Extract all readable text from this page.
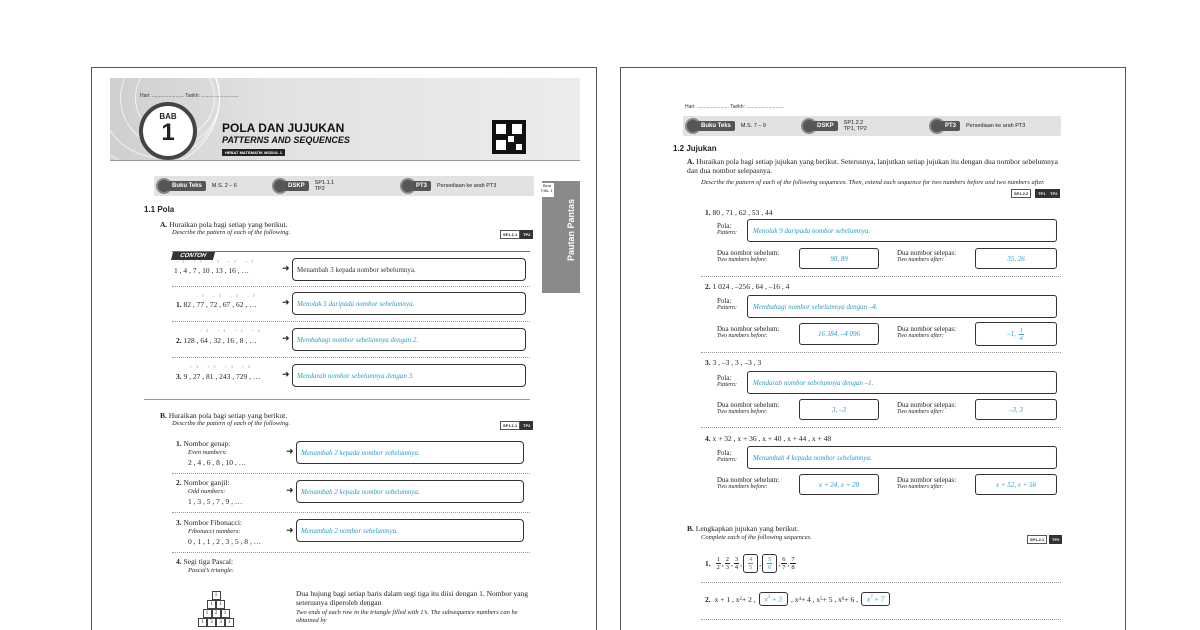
Hari: ....................... Tarikh: ...........................
BAB
1	POLA DAN JUJUKAN
PATTERNS AND SEQUENCES
HEBAT MATEMATIK MODUL 1
Buku Teks	M.S. 2 – 6	DSKP	SP1.1.1
TP2	PT3	Persediaan ke arah PT3	Bina FAIL 1
Pautan Pantas
1.1 Pola
A. Huraikan pola bagi setiap yang berikut.
Describe the pattern of each of the following.	SP1.1.1	TP2
CONTOH
+3 +3 +3 +3 +3
1 , 4 , 7 , 10 , 13 , 16 , …	➜	Menambah 3 kepada nombor sebelumnya.
–5 –5 –5 –5
1. 82 , 77 , 72 , 67 , 62 , …	➜	Menolak 5 daripada nombor sebelumnya.
÷2 ÷2 ÷2 ÷2
2. 128 , 64 , 32 , 16 , 8 , …	➜	Membahagi nombor sebelumnya dengan 2.
×3 ×3 ×3 ×3
3. 9 , 27 , 81 , 243 , 729 , … ➜	Mendarab nombor sebelumnya dengan 3.
B. Huraikan pola bagi setiap yang berikut.
Describe the pattern of each of the following.	SP1.1.1	TP2
1. Nombor genap:
Even numbers:
2 , 4 , 6 , 8 , 10 , …
➜	Menambah 2 kepada nombor sebelumnya.
2. Nombor ganjil:
Odd numbers:
1 , 3 , 5 , 7 , 9 , …
➜	Menambah 2 kepada nombor sebelumnya.
3. Nombor Fibonacci:
Fibonacci numbers:
0 , 1 , 1 , 2 , 3 , 5 , 8 , …
➜	Menambah 2 nombor sebelumnya.
4. Segi tiga Pascal:
Pascal’s triangle:
1
1	1
1	2	1
1	3	3	1
Dua hujung bagi setiap baris dalam segi tiga itu diisi dengan 1. Nombor yang seterusnya diperoleh dengan
Two ends of each row in the triangle filled with 1’s. The subsequence numbers can be obtained by
Hari: ....................... Tarikh: ...........................
Buku Teks	M.S. 7 – 9	DSKP	SP1.2.2
TP1, TP2	PT3	Persediaan ke arah PT3
1.2 Jujukan
A. Huraikan pola bagi setiap jujukan yang berikut. Seterusnya, lanjutkan setiap jujukan itu dengan dua nombor sebelumnya dan dua nombor selepasnya.
Describe the pattern of each of the following sequences. Then, extend each sequence for two numbers before and two numbers after.
SP1.2.2	TP1	TP2
1. 80 , 71 , 62 , 53 , 44
Pola:
Pattern:	Menolak 9 daripada nombor sebelumnya.
Dua nombor sebelum:
Two numbers before:	98, 89
Dua nombor selepas:
Two numbers after:	35, 26
2. 1 024 , –256 , 64 , –16 , 4
Pola:
Pattern:	Membahagi nombor sebelumnya dengan –4.
Dua nombor sebelum:
Two numbers before:	16 384, –4 096
Dua nombor selepas:
Two numbers after:	–1,
$\frac{1}{4}$
3. 3 , –3 , 3 , –3 , 3
Pola:
Pattern:	Mendarab nombor sebelumnya dengan –1.
Dua nombor sebelum:
Two numbers before:	3, –3
Dua nombor selepas:
Two numbers after:	–3, 3
4. x + 32 , x + 36 , x + 40 , x + 44 , x + 48
Pola:
Pattern:	Menambah 4 kepada nombor sebelumnya.
Dua nombor sebelum:
Two numbers before:	x + 24, x + 28
Dua nombor selepas:
Two numbers after:	x + 52, x + 56
B. Lengkapkan jujukan yang berikut.
Complete each of the following sequences.	SP1.2.1	TP2
1. $\frac{1}{2}$ , $\frac{2}{3}$ , $\frac{3}{4}$ , $\frac{4}{5}$ , $\frac{5}{6}$ , $\frac{6}{7}$ , $\frac{7}{8}$
2. x + 1 , x 2 + 2 ,	$x^3 + 3$	, x 4 + 4 , x 5 + 5 , x 6 + 6 ,	$x^7 + 7$
